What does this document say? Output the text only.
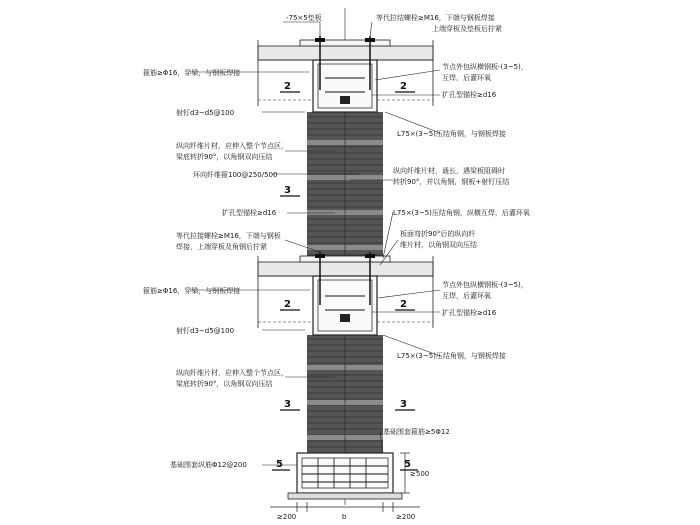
2	2
2	2
3
3	3
5	5
-75×5垫板	等代拉结螺栓≥M16，下端与钢板焊接
上端穿板及垫板后拧紧
箍筋≥Φ16，穿梁，与钢板焊接
节点外包纵横钢板-(3~5)，
互焊，后灌环氧
扩孔型锚栓≥d16
射钉d3~d5@100
L75×(3~5)压结角钢，与钢板焊接
纵向纤维片材，应伸入整个节点区，
梁底转折90°，以角钢双向压结
环向纤维箍100@250/500	纵向纤维片材，通长，遇梁板阻碍时
转折90°，并以角钢，钢板+射钉压结
扩孔型锚栓≥d16	L75×(3~5)压结角钢，纵横互焊，后灌环氧
等代拉接螺栓≥M16，下端与钢板
焊接，上端穿板及角钢后拧紧
板面弯折90°后的纵向纤
维片材，以角钢双向压结
箍筋≥Φ16，穿梁，与钢板焊接
节点外包纵横钢板-(3~5)，
互焊，后灌环氧
扩孔型锚栓≥d16
射钉d3~d5@100
L75×(3~5)压结角钢，与钢板焊接
纵向纤维片材，应伸入整个节点区，
梁底转折90°，以角钢双向压结
基础围套箍筋≥5Φ12
基础围套纵筋Φ12@200
≥500
≥200	b	≥200
